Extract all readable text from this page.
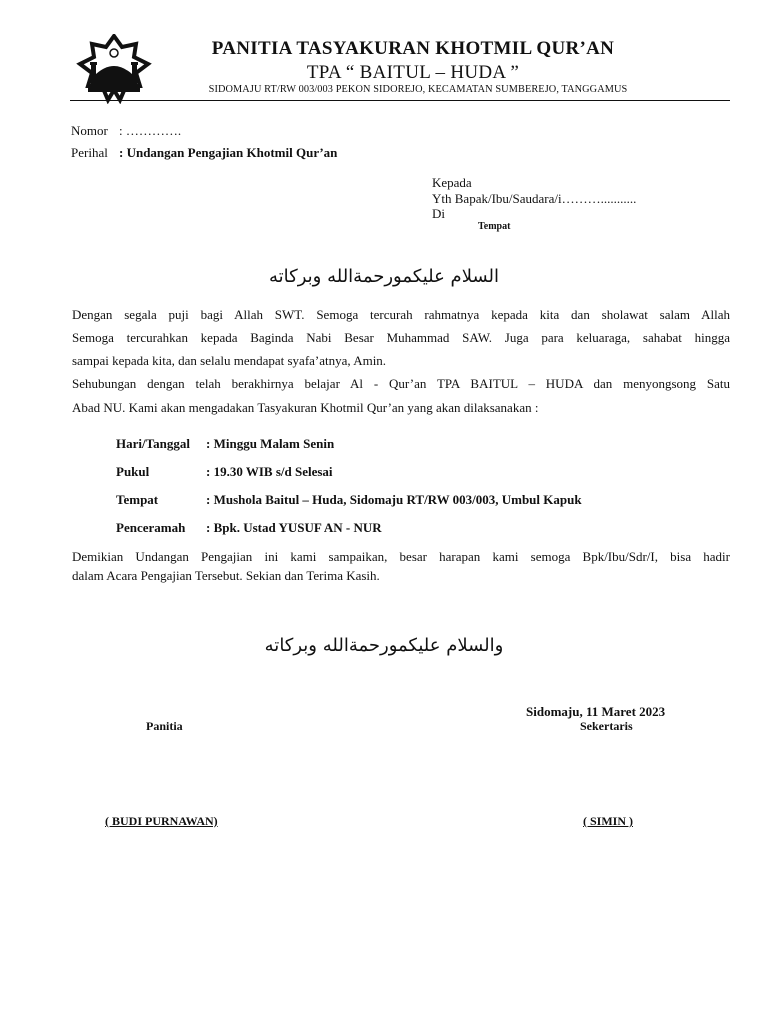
PANITIA TASYAKURAN KHOTMIL QUR’AN
TPA “ BAITUL – HUDA ”
SIDOMAJU RT/RW 003/003 PEKON SIDOREJO, KECAMATAN SUMBEREJO, TANGGAMUS
Nomor : ………….
Perihal : Undangan Pengajian Khotmil Qur’an
Kepada
Yth Bapak/Ibu/Saudara/i………...........
Di
Tempat
السلام عليكمورحمةالله وبركاته
Dengan segala puji bagi Allah SWT. Semoga tercurah rahmatnya kepada kita dan sholawat salam Allah
Semoga tercurahkan kepada Baginda Nabi Besar Muhammad SAW. Juga para keluaraga, sahabat hingga
sampai kepada kita, dan selalu mendapat syafa’atnya, Amin.
Sehubungan dengan telah berakhirnya belajar Al - Qur’an TPA BAITUL – HUDA dan menyongsong Satu
Abad NU. Kami akan mengadakan Tasyakuran Khotmil Qur’an yang akan dilaksanakan :
Hari/Tanggal : Minggu Malam Senin
Pukul	: 19.30 WIB s/d Selesai
Tempat	: Mushola Baitul – Huda, Sidomaju RT/RW 003/003, Umbul Kapuk
Penceramah : Bpk. Ustad YUSUF AN - NUR
Demikian Undangan Pengajian ini kami sampaikan, besar harapan kami semoga Bpk/Ibu/Sdr/I, bisa hadir
dalam Acara Pengajian Tersebut. Sekian dan Terima Kasih.
والسلام عليكمورحمةالله وبركاته
Sidomaju, 11 Maret 2023
Panitia	Sekertaris
( BUDI PURNAWAN)	( SIMIN )
